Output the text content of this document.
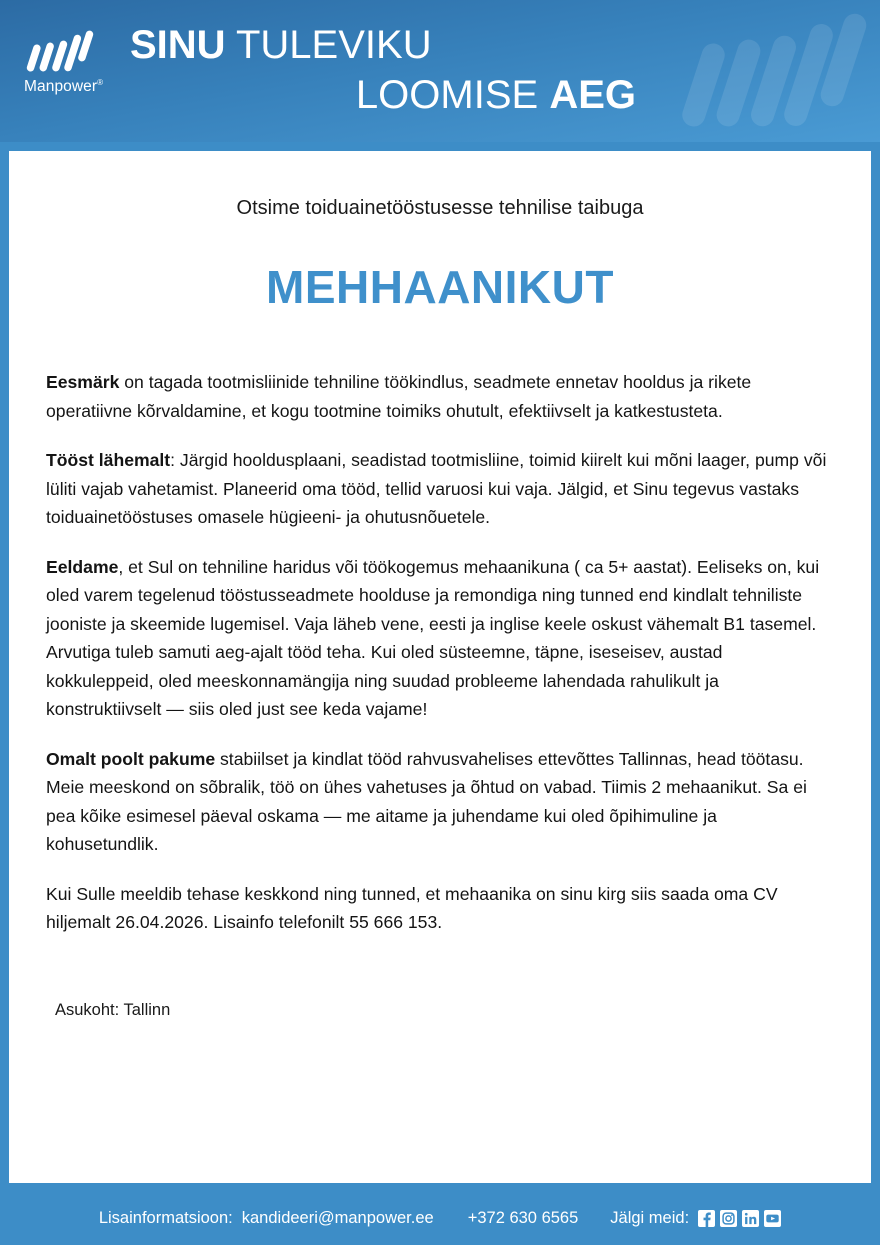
Manpower®
SINU TULEVIKU
LOOMISE AEG

Otsime toiduainetööstusesse tehnilise taibuga

MEHHAANIKUT

Eesmärk on tagada tootmisliinide tehniline töökindlus, seadmete ennetav hooldus ja rikete operatiivne kõrvaldamine, et kogu tootmine toimiks ohutult, efektiivselt ja katkestusteta.

Tööst lähemalt: Järgid hooldusplaani, seadistad tootmisliine, toimid kiirelt kui mõni laager, pump või lüliti vajab vahetamist. Planeerid oma tööd, tellid varuosi kui vaja. Jälgid, et Sinu tegevus vastaks toiduainetööstuses omasele hügieeni- ja ohutusnõuetele.

Eeldame, et Sul on tehniline haridus või töökogemus mehaanikuna ( ca 5+ aastat). Eeliseks on, kui oled varem tegelenud tööstusseadmete hoolduse ja remondiga ning tunned end kindlalt tehniliste jooniste ja skeemide lugemisel. Vaja läheb vene, eesti ja inglise keele oskust vähemalt B1 tasemel. Arvutiga tuleb samuti aeg-ajalt tööd teha. Kui oled süsteemne, täpne, iseseisev, austad kokkuleppeid, oled meeskonnamängija ning suudad probleeme lahendada rahulikult ja konstruktiivselt — siis oled just see keda vajame!

Omalt poolt pakume stabiilset ja kindlat tööd rahvusvahelises ettevõttes Tallinnas, head töötasu. Meie meeskond on sõbralik, töö on ühes vahetuses ja õhtud on vabad. Tiimis 2 mehaanikut. Sa ei pea kõike esimesel päeval oskama — me aitame ja juhendame kui oled õpihimuline ja kohusetundlik.

Kui Sulle meeldib tehase keskkond ning tunned, et mehaanika on sinu kirg siis saada oma CV hiljemalt 26.04.2026. Lisainfo telefonilt 55 666 153.

Asukoht: Tallinn

Lisainformatsioon: kandideeri@manpower.ee +372 630 6565 Jälgi meid:
